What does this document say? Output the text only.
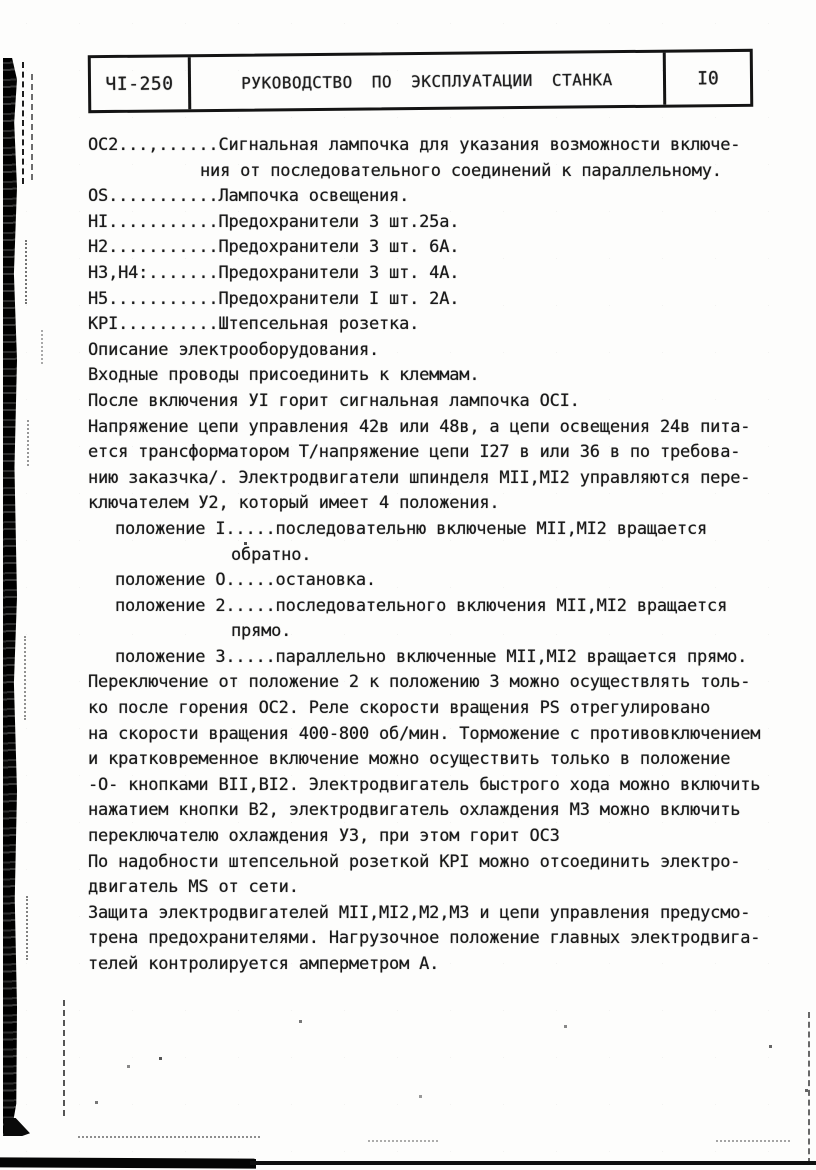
ЧI-250	РУКОВОДСТВО ПО ЭКСПЛУАТАЦИИ СТАНКА	I0
ОС2...,......Сигнальная лампочка для указания возможности включе-
ния от последовательного соединений к параллельному.
ОS...........Лампочка освещения.
НI...........Предохранители 3 шт.25а.
Н2...........Предохранители 3 шт. 6А.
Н3,Н4:.......Предохранители 3 шт. 4А.
Н5...........Предохранители I шт. 2А.
КРI..........Штепсельная розетка.
Описание электрооборудования.
Входные проводы присоединить к клеммам.
После включения УI горит сигнальная лампочка ОСI.
Напряжение цепи управления 42в или 48в, а цепи освещения 24в пита-
ется трансформатором Т/напряжение цепи I27 в или 36 в по требова-
нию заказчка/. Электродвигатели шпинделя МII,МI2 управляются пере-
ключателем У2, который имеет 4 положения.
положение I.....последовательню включеные МII,МI2 вращается
обратно.
положение О.....остановка.
положение 2.....последовательного включения МII,МI2 вращается
прямо.
положение 3.....параллельно включенные МII,МI2 вращается прямо.
Переключение от положение 2 к положению 3 можно осуществлять толь-
ко после горения ОС2. Реле скорости вращения РS отрегулировано
на скорости вращения 400-800 об/мин. Торможение с противовключением
и кратковременное включение можно осуществить только в положение
-О- кнопками ВII,ВI2. Электродвигатель быстрого хода можно включить
нажатием кнопки В2, электродвигатель охлаждения МЗ можно включить
переключателю охлаждения УЗ, при этом горит ОСЗ
По надобности штепсельной розеткой КРI можно отсоединить электро-
двигатель МS от сети.
Защита электродвигателей МII,МI2,М2,МЗ и цепи управления предусмо-
трена предохранителями. Нагрузочное положение главных электродвига-
телей контролируется амперметром А.
